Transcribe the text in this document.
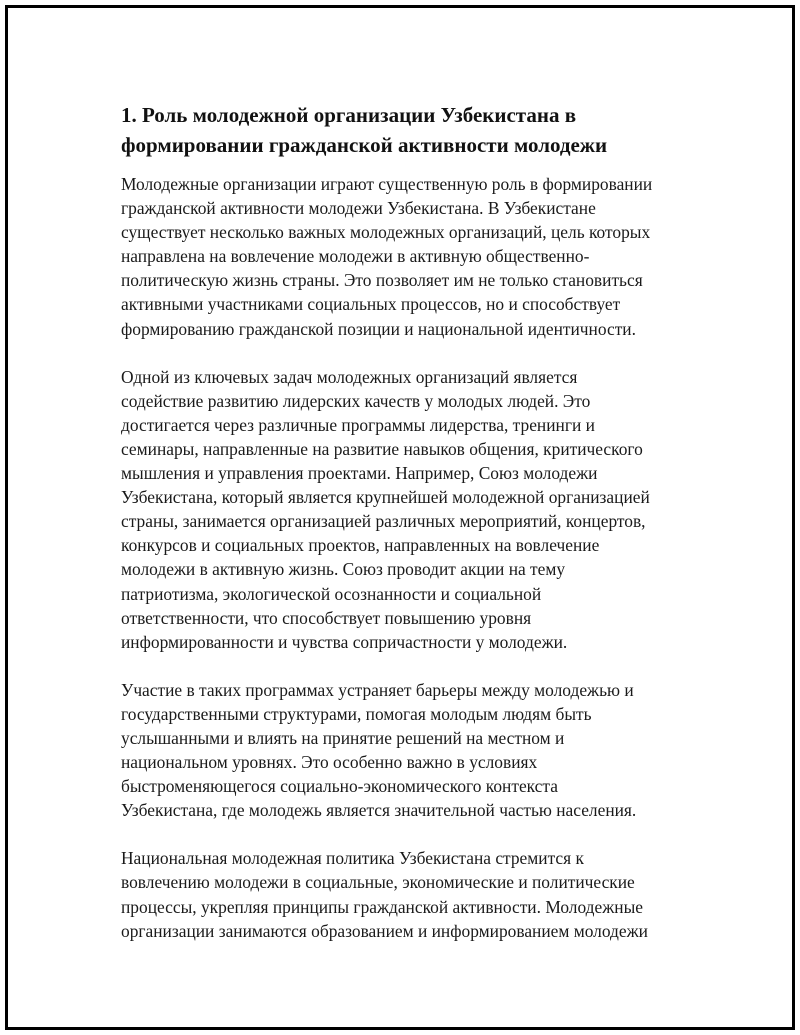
1. Роль молодежной организации Узбекистана в
формировании гражданской активности молодежи
Молодежные организации играют существенную роль в формировании
гражданской активности молодежи Узбекистана. В Узбекистане
существует несколько важных молодежных организаций, цель которых
направлена на вовлечение молодежи в активную общественно-
политическую жизнь страны. Это позволяет им не только становиться
активными участниками социальных процессов, но и способствует
формированию гражданской позиции и национальной идентичности.
Одной из ключевых задач молодежных организаций является
содействие развитию лидерских качеств у молодых людей. Это
достигается через различные программы лидерства, тренинги и
семинары, направленные на развитие навыков общения, критического
мышления и управления проектами. Например, Союз молодежи
Узбекистана, который является крупнейшей молодежной организацией
страны, занимается организацией различных мероприятий, концертов,
конкурсов и социальных проектов, направленных на вовлечение
молодежи в активную жизнь. Союз проводит акции на тему
патриотизма, экологической осознанности и социальной
ответственности, что способствует повышению уровня
информированности и чувства сопричастности у молодежи.
Участие в таких программах устраняет барьеры между молодежью и
государственными структурами, помогая молодым людям быть
услышанными и влиять на принятие решений на местном и
национальном уровнях. Это особенно важно в условиях
быстроменяющегося социально-экономического контекста
Узбекистана, где молодежь является значительной частью населения.
Национальная молодежная политика Узбекистана стремится к
вовлечению молодежи в социальные, экономические и политические
процессы, укрепляя принципы гражданской активности. Молодежные
организации занимаются образованием и информированием молодежи
